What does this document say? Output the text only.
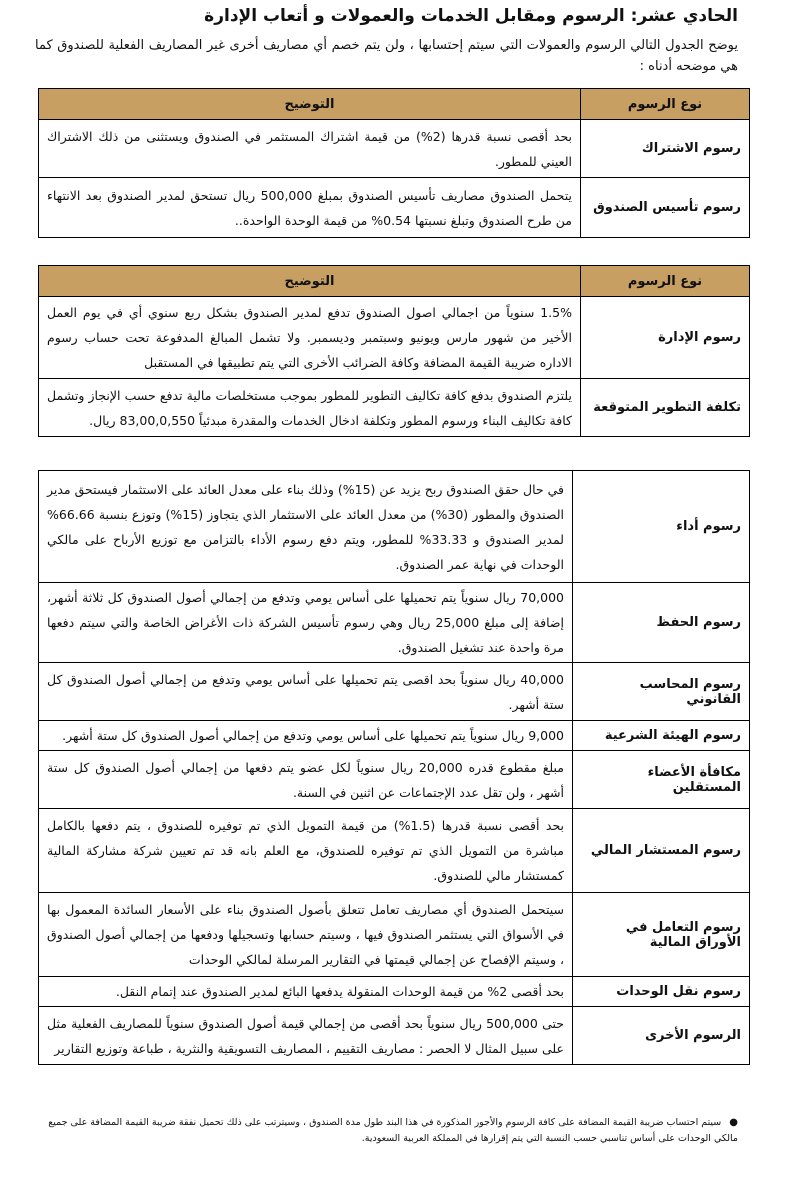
الحادي عشر: الرسوم ومقابل الخدمات والعمولات و أتعاب الإدارة
يوضح الجدول التالي الرسوم والعمولات التي سيتم إحتسابها ، ولن يتم خصم أي مصاريف أخرى غير المصاريف الفعلية للصندوق كما هي موضحه أدناه :
نوع الرسوم	التوضيح
رسوم الاشتراك	بحد أقصى نسبة قدرها (2%) من قيمة اشتراك المستثمر في الصندوق ويستثنى من ذلك الاشتراك العيني للمطور.
رسوم تأسيس الصندوق	يتحمل الصندوق مصاريف تأسيس الصندوق بمبلغ 500,000 ريال تستحق لمدير الصندوق بعد الانتهاء من طرح الصندوق وتبلغ نسبتها 0.54% من قيمة الوحدة الواحدة..
نوع الرسوم	التوضيح
رسوم الإدارة	1.5% سنوياً من اجمالي اصول الصندوق تدفع لمدير الصندوق بشكل ربع سنوي أي في يوم العمل الأخير من شهور مارس ويونيو وسبتمبر وديسمبر. ولا تشمل المبالغ المدفوعة تحت حساب رسوم الاداره ضريبة القيمة المضافة وكافة الضرائب الأخرى التي يتم تطبيقها في المستقبل
تكلفة التطوير المتوقعة	يلتزم الصندوق بدفع كافة تكاليف التطوير للمطور بموجب مستخلصات مالية تدفع حسب الإنجاز وتشمل كافة تكاليف البناء ورسوم المطور وتكلفة ادخال الخدمات والمقدرة مبدئياً 83,00,0,550 ريال.
رسوم أداء	في حال حقق الصندوق ربح يزيد عن (15%) وذلك بناء على معدل العائد على الاستثمار فيستحق مدير الصندوق والمطور (30%) من معدل العائد على الاستثمار الذي يتجاوز (15%) وتوزع بنسبة 66.66% لمدير الصندوق و 33.33% للمطور، ويتم دفع رسوم الأداء بالتزامن مع توزيع الأرباح على مالكي الوحدات في نهاية عمر الصندوق.
رسوم الحفظ	70,000 ريال سنوياً يتم تحميلها على أساس يومي وتدفع من إجمالي أصول الصندوق كل ثلاثة أشهر، إضافة إلى مبلغ 25,000 ريال وهي رسوم تأسيس الشركة ذات الأغراض الخاصة والتي سيتم دفعها مرة واحدة عند تشغيل الصندوق.
رسوم المحاسب القانوني	40,000 ريال سنوياً بحد اقصى يتم تحميلها على أساس يومي وتدفع من إجمالي أصول الصندوق كل ستة أشهر.
رسوم الهيئة الشرعية	9,000 ريال سنوياً يتم تحميلها على أساس يومي وتدفع من إجمالي أصول الصندوق كل ستة أشهر.
مكافأة الأعضاء المستقلين	مبلغ مقطوع قدره 20,000 ريال سنوياً لكل عضو يتم دفعها من إجمالي أصول الصندوق كل ستة أشهر ، ولن تقل عدد الإجتماعات عن اثنين في السنة.
رسوم المستشار المالي	بحد أقصى نسبة قدرها (1.5%) من قيمة التمويل الذي تم توفيره للصندوق ، يتم دفعها بالكامل مباشرة من التمويل الذي تم توفيره للصندوق، مع العلم بانه قد تم تعيين شركة مشاركة المالية كمستشار مالي للصندوق.
رسوم التعامل في الأوراق المالية	سيتحمل الصندوق أي مصاريف تعامل تتعلق بأصول الصندوق بناء على الأسعار السائدة المعمول بها في الأسواق التي يستثمر الصندوق فيها ، وسيتم حسابها وتسجيلها ودفعها من إجمالي أصول الصندوق ، وسيتم الإفصاح عن إجمالي قيمتها في التقارير المرسلة لمالكي الوحدات
رسوم نقل الوحدات	بحد أقصى 2% من قيمة الوحدات المنقولة يدفعها البائع لمدير الصندوق عند إتمام النقل.
الرسوم الأخرى	حتى 500,000 ريال سنوياً بحد أقصى من إجمالي قيمة أصول الصندوق سنوياً للمصاريف الفعلية مثل على سبيل المثال لا الحصر : مصاريف التقييم ، المصاريف التسويقية والنثرية ، طباعة وتوزيع التقارير
●سيتم احتساب ضريبة القيمة المضافة على كافة الرسوم والأجور المذكورة في هذا البند طول مدة الصندوق ، وسيترتب على ذلك تحميل نفقة ضريبة القيمة المضافة على جميع مالكي الوحدات على أساس تناسبي حسب النسبة التي يتم إقرارها في المملكة العربية السعودية.
